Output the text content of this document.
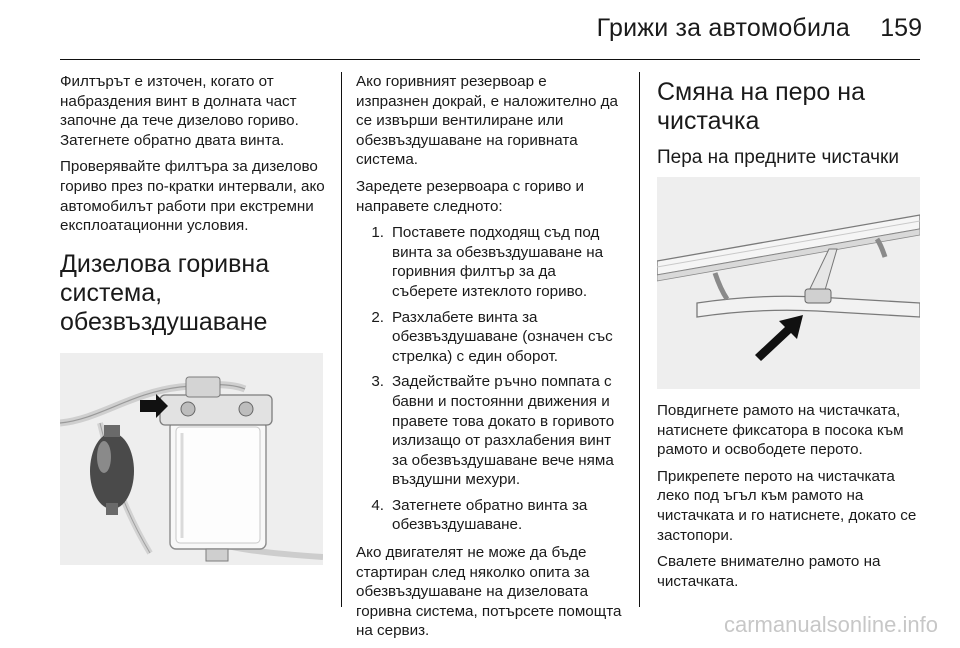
Грижи за автомобила	159

Филтърът е източен, когато от набраздения винт в долната част започне да тече дизелово гориво. Затегнете обратно двата винта.

Проверявайте филтъра за дизелово гориво през по-кратки интервали, ако автомобилът работи при екстремни експлоатационни условия.

Дизелова горивна система, обезвъздушаване

Ако горивният резервоар е изпразнен докрай, е наложително да се извърши вентилиране или обезвъздушаване на горивната система.

Заредете резервоара с гориво и направете следното:

1. Поставете подходящ съд под винта за обезвъздушаване на горивния филтър за да съберете изтеклото гориво.
2. Разхлабете винта за обезвъздушаване (означен със стрелка) с един оборот.
3. Задействайте ръчно помпата с бавни и постоянни движения и правете това докато в горивото излизащо от разхлабения винт за обезвъздушаване вече няма въздушни мехури.
4. Затегнете обратно винта за обезвъздушаване.

Ако двигателят не може да бъде стартиран след няколко опита за обезвъздушаване на дизеловата горивна система, потърсете помощта на сервиз.

Смяна на перо на чистачка
Пера на предните чистачки

Повдигнете рамото на чистачката, натиснете фиксатора в посока към рамото и освободете перото.

Прикрепете перото на чистачката леко под ъгъл към рамото на чистачката и го натиснете, докато се застопори.

Свалете внимателно рамото на чистачката.

carmanualsonline.info
